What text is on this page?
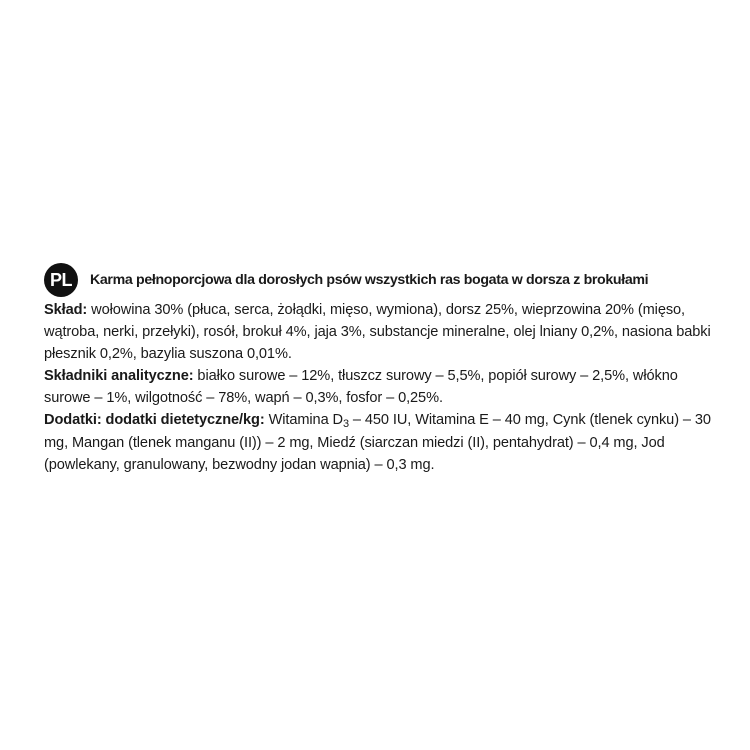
PL	Karma pełnoporcjowa dla dorosłych psów wszystkich ras bogata w dorsza z brokułami

Skład: wołowina 30% (płuca, serca, żołądki, mięso, wymiona), dorsz 25%, wieprzowina 20% (mięso, wątroba, nerki, przełyki), rosół, brokuł 4%, jaja 3%, substancje mineralne, olej lniany 0,2%, nasiona babki płesznik 0,2%, bazylia suszona 0,01%.

Składniki analityczne: białko surowe – 12%, tłuszcz surowy – 5,5%, popiół surowy – 2,5%, włókno surowe – 1%, wilgotność – 78%, wapń – 0,3%, fosfor – 0,25%.

Dodatki: dodatki dietetyczne/kg: Witamina D3 – 450 IU, Witamina E – 40 mg, Cynk (tlenek cynku) – 30 mg, Mangan (tlenek manganu (II)) – 2 mg, Miedź (siarczan miedzi (II), pentahydrat) – 0,4 mg, Jod (powlekany, granulowany, bezwodny jodan wapnia) – 0,3 mg.
